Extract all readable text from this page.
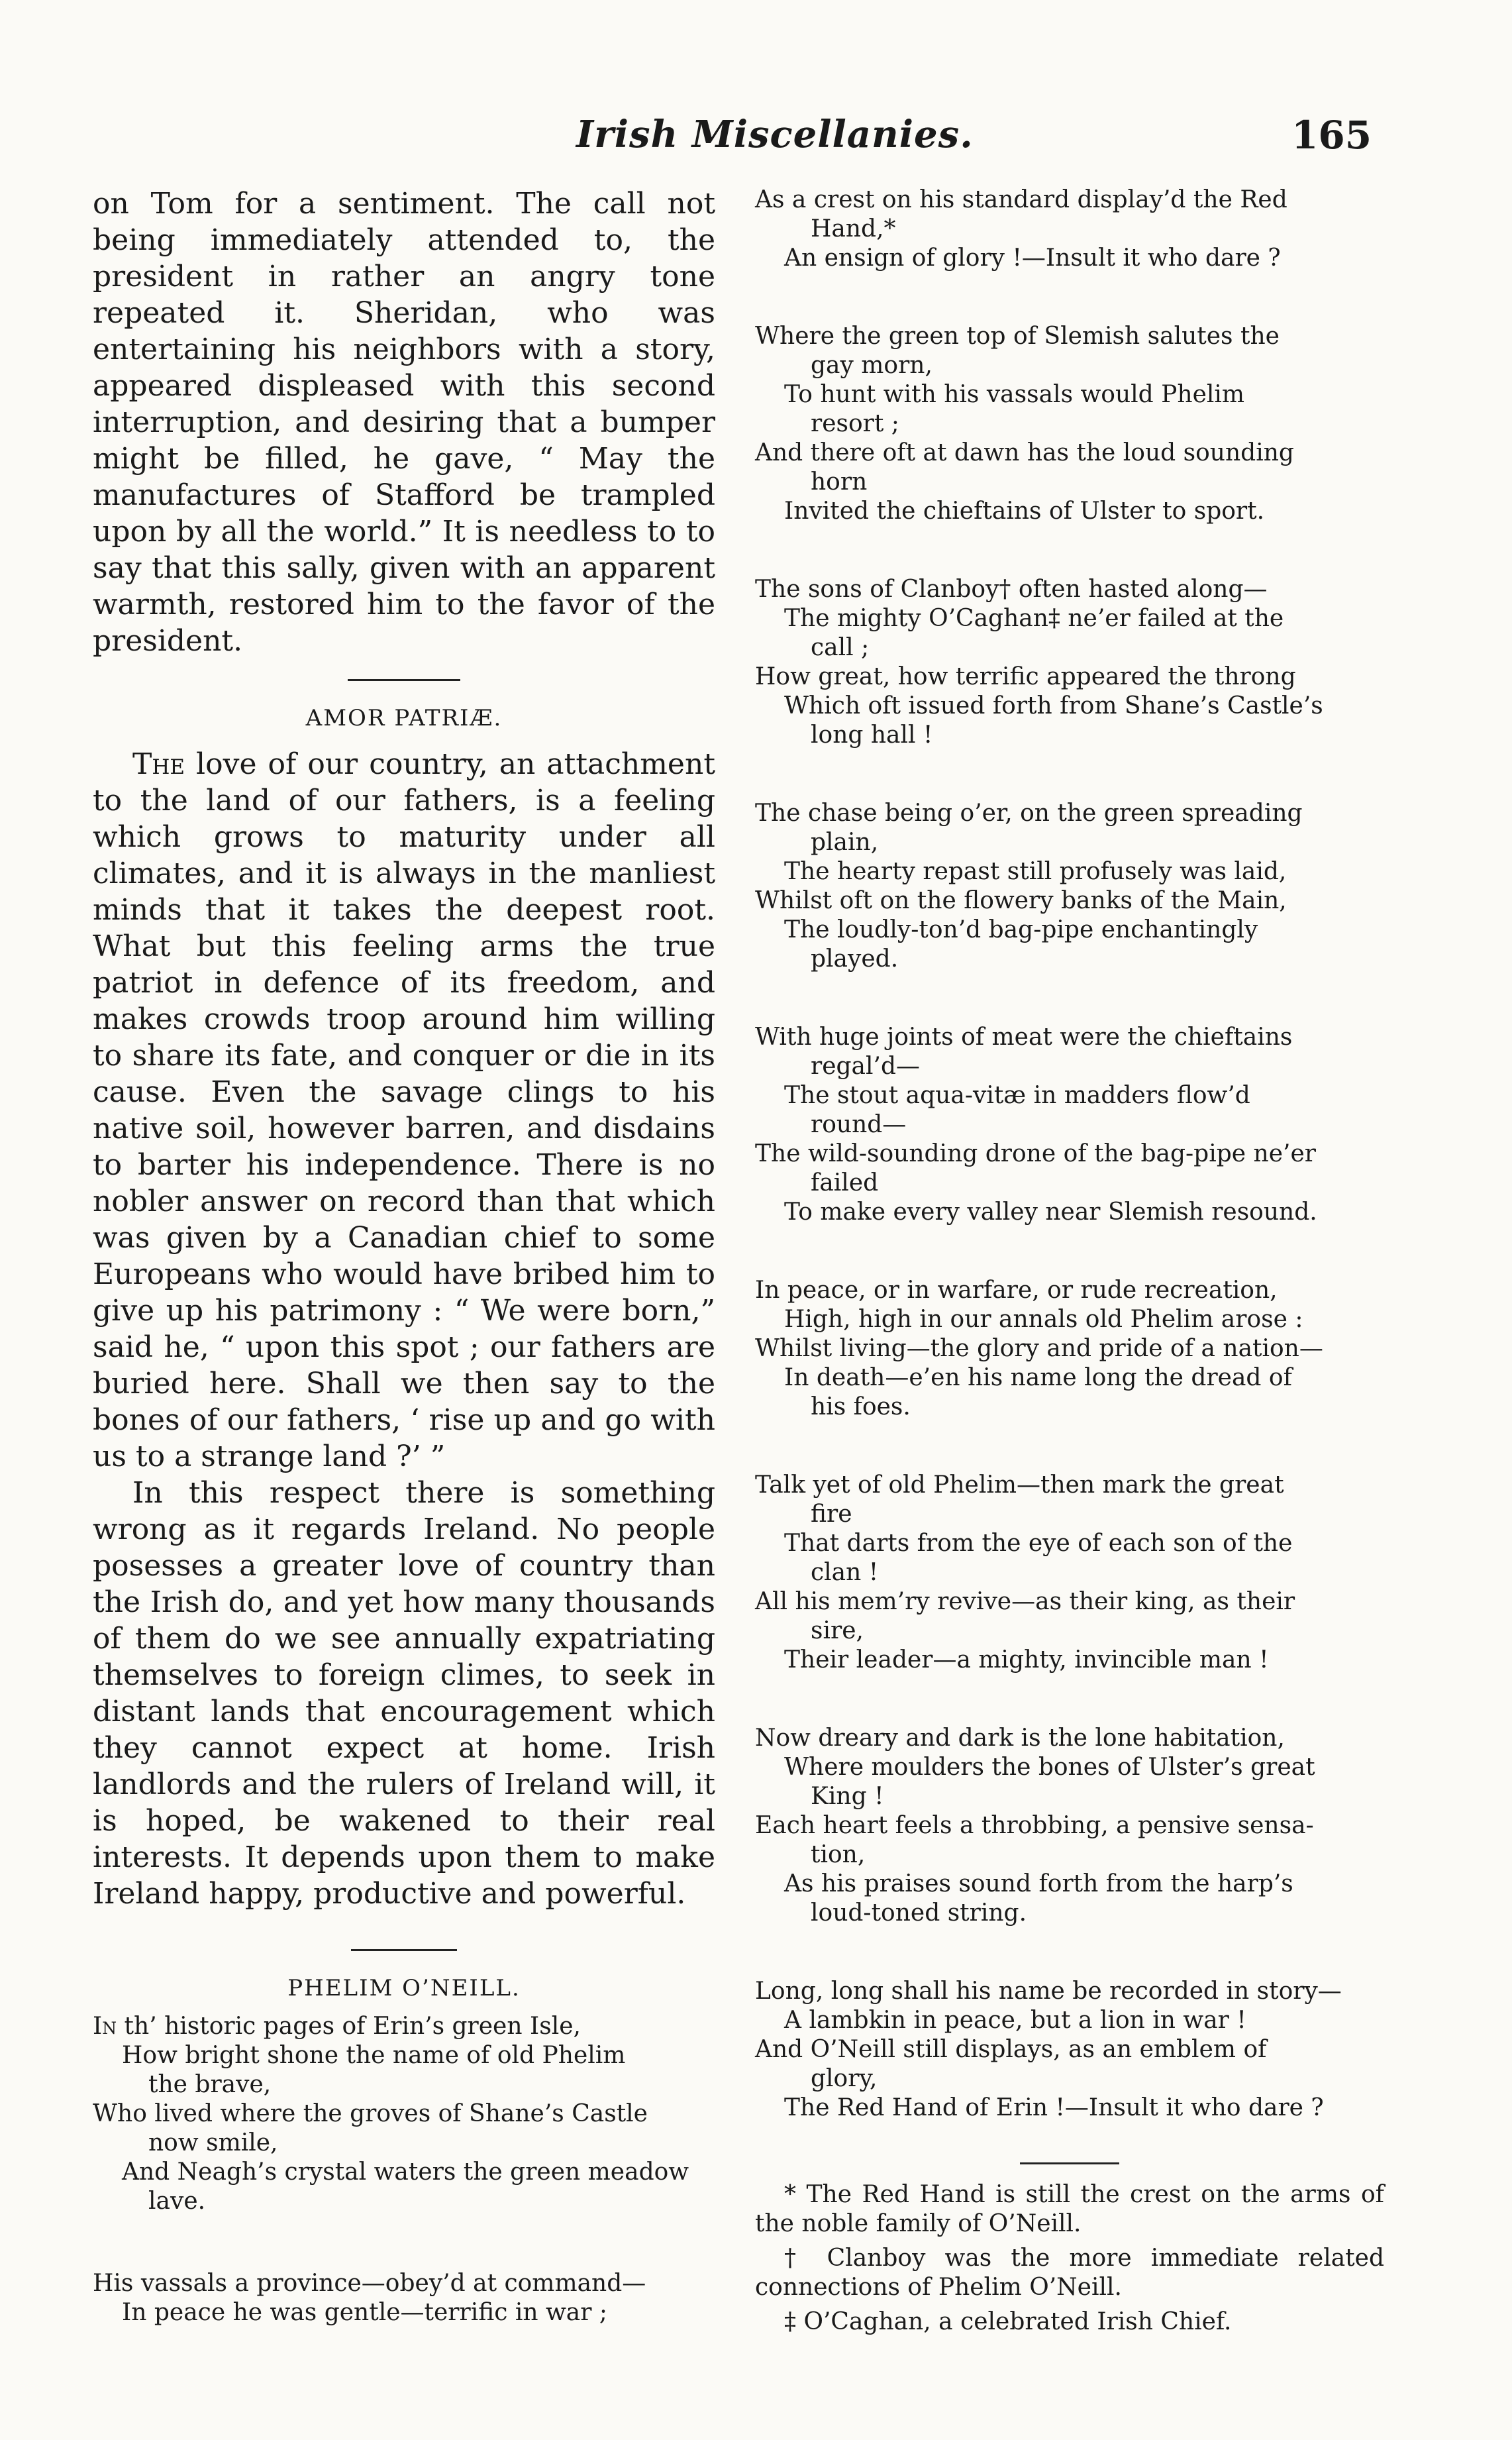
Irish Miscellanies.	165

on Tom for a sentiment. The call not being immediately attended to, the president in rather an angry tone repeated it. Sheridan, who was entertaining his neighbors with a story, appeared displeased with this second interruption, and desiring that a bumper might be filled, he gave, “ May the manufactures of Stafford be trampled upon by all the world.” It is needless to to say that this sally, given with an apparent warmth, restored him to the favor of the president.

AMOR PATRIÆ.

The love of our country, an attachment to the land of our fathers, is a feeling which grows to maturity under all climates, and it is always in the manliest minds that it takes the deepest root. What but this feeling arms the true patriot in defence of its freedom, and makes crowds troop around him willing to share its fate, and conquer or die in its cause. Even the savage clings to his native soil, however barren, and disdains to barter his independence. There is no nobler answer on record than that which was given by a Canadian chief to some Europeans who would have bribed him to give up his patrimony : “ We were born,” said he, “ upon this spot ; our fathers are buried here. Shall we then say to the bones of our fathers, ‘ rise up and go with us to a strange land ?’ ”

In this respect there is something wrong as it regards Ireland. No people posesses a greater love of country than the Irish do, and yet how many thousands of them do we see annually expatriating themselves to foreign climes, to seek in distant lands that encouragement which they cannot expect at home. Irish landlords and the rulers of Ireland will, it is hoped, be wakened to their real interests. It depends upon them to make Ireland happy, productive and powerful.

PHELIM O’NEILL.
In th’ historic pages of Erin’s green Isle,
How bright shone the name of old Phelim
the brave,
Who lived where the groves of Shane’s Castle
now smile,
And Neagh’s crystal waters the green meadow
lave.
His vassals a province—obey’d at command—
In peace he was gentle—terrific in war ;
As a crest on his standard display’d the Red
Hand,*
An ensign of glory !—Insult it who dare ?
Where the green top of Slemish salutes the
gay morn,
To hunt with his vassals would Phelim
resort ;
And there oft at dawn has the loud sounding
horn
Invited the chieftains of Ulster to sport.
The sons of Clanboy† often hasted along—
The mighty O’Caghan‡ ne’er failed at the
call ;
How great, how terrific appeared the throng
Which oft issued forth from Shane’s Castle’s
long hall !
The chase being o’er, on the green spreading
plain,
The hearty repast still profusely was laid,
Whilst oft on the flowery banks of the Main,
The loudly-ton’d bag-pipe enchantingly
played.
With huge joints of meat were the chieftains
regal’d—
The stout aqua-vitæ in madders flow’d
round—
The wild-sounding drone of the bag-pipe ne’er
failed
To make every valley near Slemish resound.
In peace, or in warfare, or rude recreation,
High, high in our annals old Phelim arose :
Whilst living—the glory and pride of a nation—
In death—e’en his name long the dread of
his foes.
Talk yet of old Phelim—then mark the great
fire
That darts from the eye of each son of the
clan !
All his mem’ry revive—as their king, as their
sire,
Their leader—a mighty, invincible man !
Now dreary and dark is the lone habitation,
Where moulders the bones of Ulster’s great
King !
Each heart feels a throbbing, a pensive sensa-
tion,
As his praises sound forth from the harp’s
loud-toned string.
Long, long shall his name be recorded in story—
A lambkin in peace, but a lion in war !
And O’Neill still displays, as an emblem of
glory,
The Red Hand of Erin !—Insult it who dare ?

* The Red Hand is still the crest on the arms of the noble family of O’Neill.

† Clanboy was the more immediate related connections of Phelim O’Neill.

‡ O’Caghan, a celebrated Irish Chief.
